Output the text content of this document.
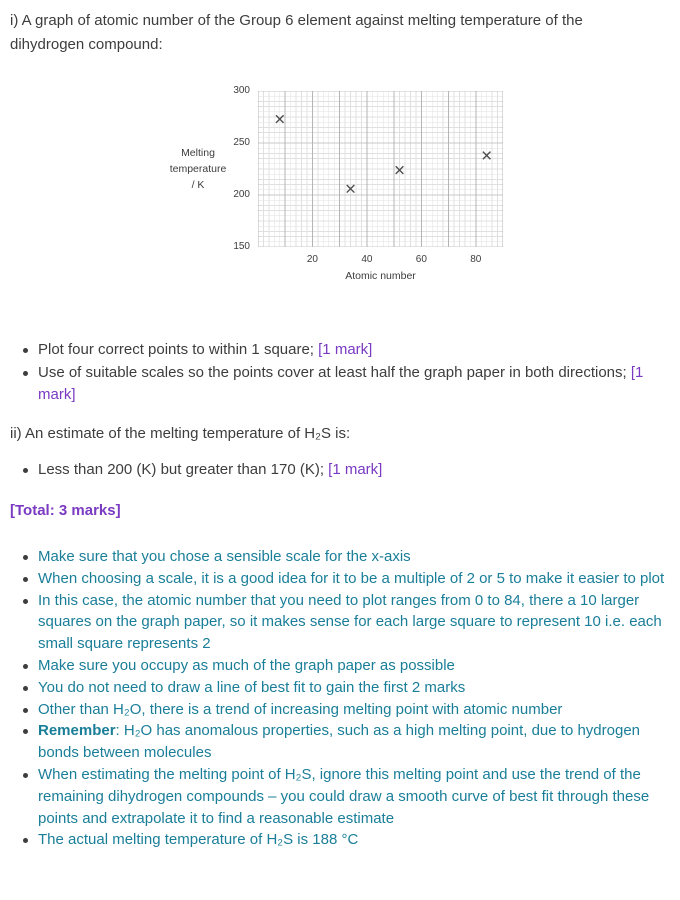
i) A graph of atomic number of the Group 6 element against melting temperature of the dihydrogen compound:

Melting
temperature
/ K
Atomic number
300
250
200
150
20	40	60	80
Plot four correct points to within 1 square; [1 mark]
Use of suitable scales so the points cover at least half the graph paper in both directions; [1 mark]

ii) An estimate of the melting temperature of H₂S is:

Less than 200 (K) but greater than 170 (K); [1 mark]

[Total: 3 marks]

Make sure that you chose a sensible scale for the x-axis
When choosing a scale, it is a good idea for it to be a multiple of 2 or 5 to make it easier to plot
In this case, the atomic number that you need to plot ranges from 0 to 84, there a 10 larger squares on the graph paper, so it makes sense for each large square to represent 10 i.e. each small square represents 2
Make sure you occupy as much of the graph paper as possible
You do not need to draw a line of best fit to gain the first 2 marks
Other than H₂O, there is a trend of increasing melting point with atomic number
Remember: H₂O has anomalous properties, such as a high melting point, due to hydrogen bonds between molecules
When estimating the melting point of H₂S, ignore this melting point and use the trend of the remaining dihydrogen compounds – you could draw a smooth curve of best fit through these points and extrapolate it to find a reasonable estimate
The actual melting temperature of H₂S is 188 °C
